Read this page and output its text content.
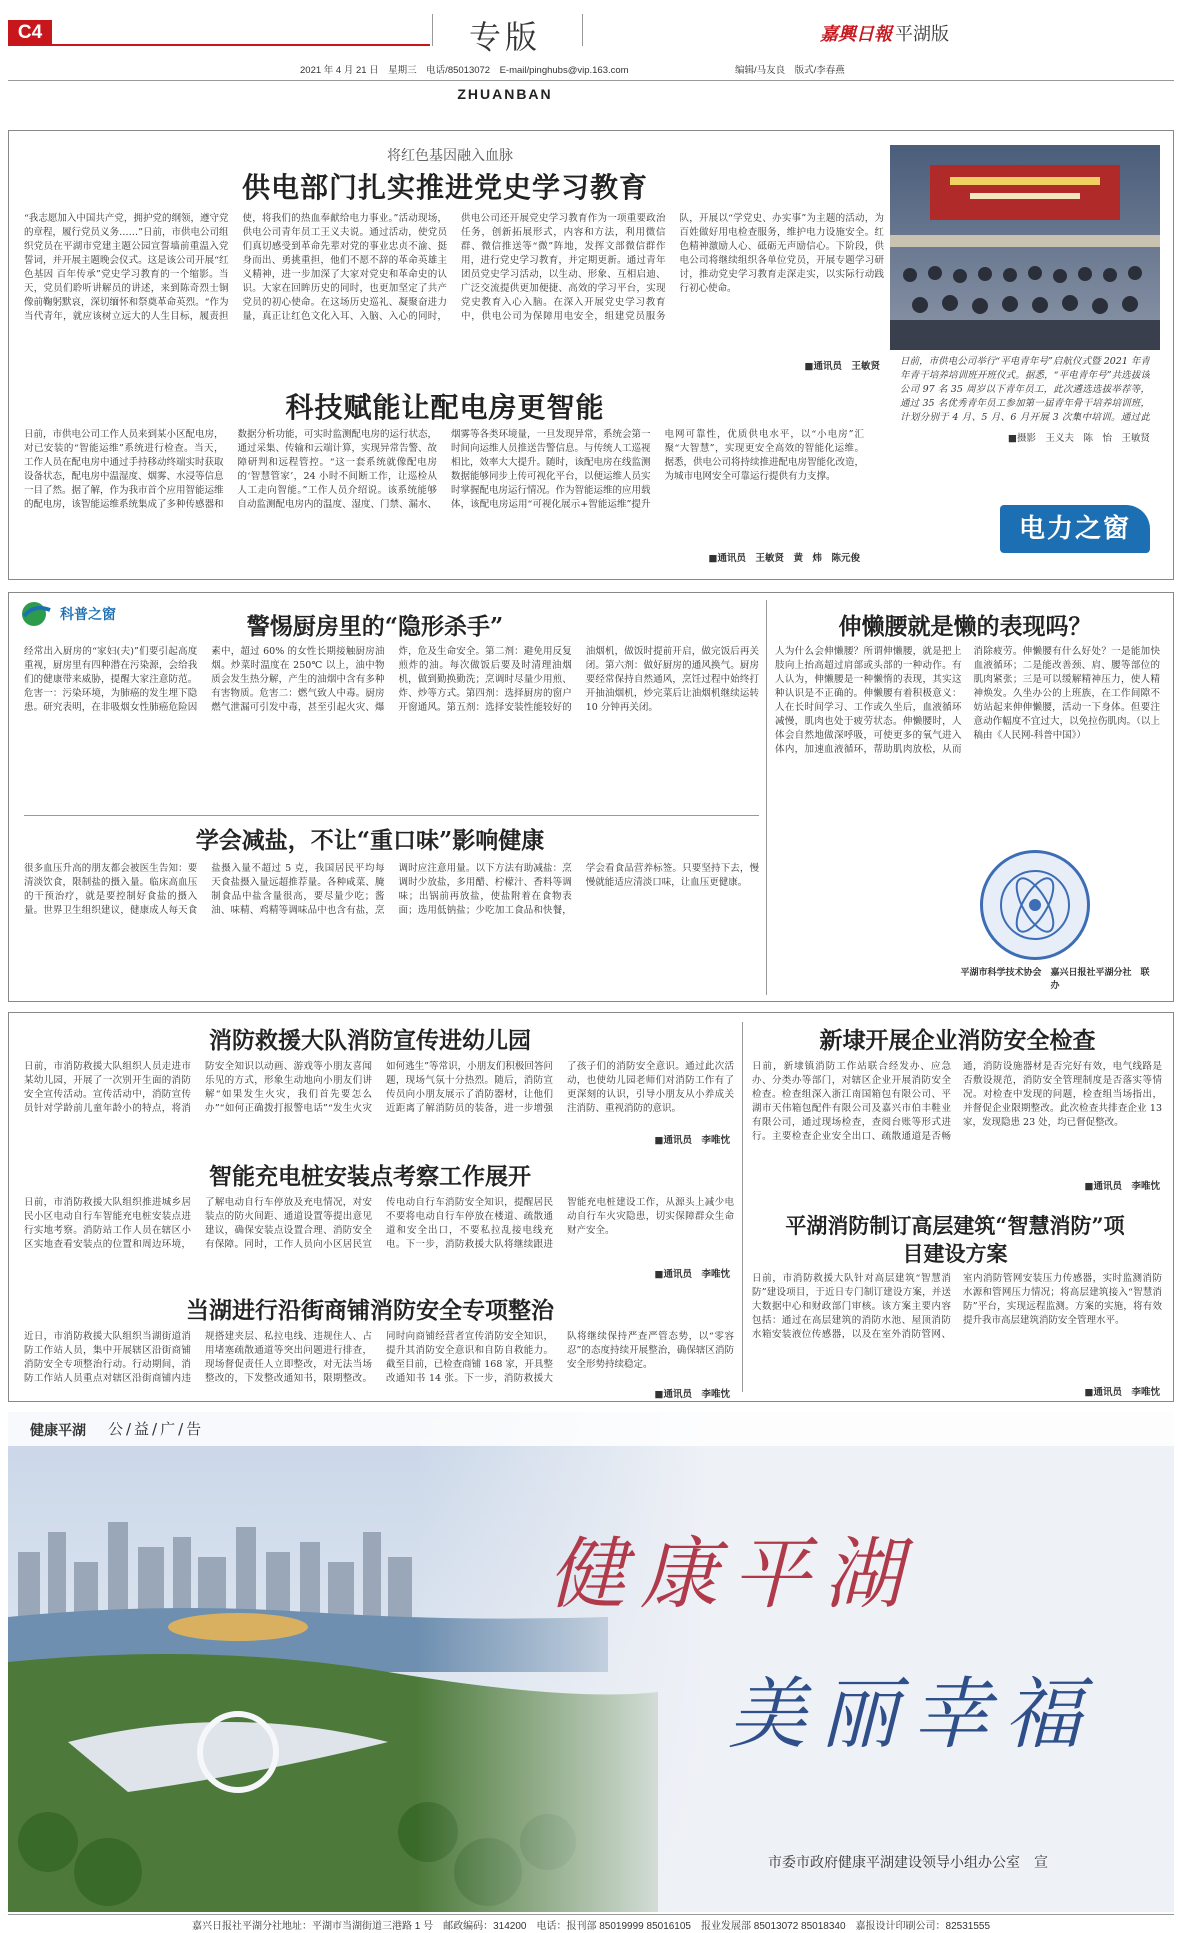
C4	专版	嘉興日報 平湖版
2021 年 4 月 21 日　星期三　电话/85013072　E-mail/pinghubs@vip.163.com	编辑/马友良　版式/李春燕
ZHUANBAN
将红色基因融入血脉
供电部门扎实推进党史学习教育
“我志愿加入中国共产党，拥护党的纲领，遵守党的章程，履行党员义务……”日前，市供电公司组织党员在平湖市党建主题公园宣誓墙前重温入党誓词，并开展主题晚会仪式。这是该公司开展“红色基因 百年传承”党史学习教育的一个缩影。当天，党员们聆听讲解员的讲述，来到陈奇烈士铜像前鞠躬默哀，深切缅怀和祭奠革命英烈。“作为当代青年，就应该树立远大的人生目标，履责担使，将我们的热血奉献给电力事业。”活动现场，供电公司青年员工王义夫说。通过活动，使党员们真切感受到革命先辈对党的事业忠贞不渝、挺身而出、勇挑重担，他们不愿不辞的革命英雄主义精神，进一步加深了大家对党史和革命史的认识。大家在回眸历史的同时，也更加坚定了共产党员的初心使命。在这场历史巡礼、凝聚奋进力量，真正让红色文化入耳、入脑、入心的同时，供电公司还开展党史学习教育作为一项重要政治任务，创新拓展形式，内容和方法，利用微信群、微信推送等“微”阵地，发挥文部微信群作用，进行党史学习教育，并定期更新。通过青年团员党史学习活动，以生动、形象、互相启迪、广泛交流提供更加便捷、高效的学习平台，实现党史教育入心入脑。在深入开展党史学习教育中，供电公司为保障用电安全，组建党员服务队，开展以“学党史、办实事”为主题的活动，为百姓做好用电检查服务，维护电力设施安全。红色精神激励人心、砥砺无声励信心。下阶段，供电公司将继续组织各单位党员，开展专题学习研讨，推动党史学习教育走深走实，以实际行动践行初心使命。
■通讯员　王敏贤 日前，市供电公司举行“平电青年号”启航仪式暨 2021 年青年青干培养培训班开班仪式。据悉，“平电青年号”共选拔该公司 97 名 35 周岁以下青年员工，此次遴选选拔举荐等，通过 35 名优秀青年员工参加第一届青年骨干培养培训班，计划分别于 4 月、5 月、6 月开展 3 次集中培训。通过此
■摄影　王义夫　陈　怡　王敏贤
科技赋能让配电房更智能
日前，市供电公司工作人员来到某小区配电房，对已安装的“智能运维”系统进行检查。当天，工作人员在配电房中通过手持移动终端实时获取设备状态，配电房中温湿度、烟雾、水浸等信息一目了然。据了解，作为我市首个应用智能运维的配电房，该智能运维系统集成了多种传感器和数据分析功能，可实时监测配电房的运行状态，通过采集、传输和云端计算，实现异常告警、故障研判和远程管控。“这一套系统就像配电房的‘智慧管家’，24 小时不间断工作，让巡检从人工走向智能。”工作人员介绍说。该系统能够自动监测配电房内的温度、湿度、门禁、漏水、烟雾等各类环境量，一旦发现异常，系统会第一时间向运维人员推送告警信息。与传统人工巡视相比，效率大大提升。随时，该配电房在线监测数据能够同步上传可视化平台，以便运维人员实时掌握配电房运行情况。作为智能运维的应用载体，该配电房运用“可视化展示+智能运维”提升电网可靠性，优质供电水平，以“小电房”汇聚“大智慧”，实现更安全高效的智能化运维。据悉，供电公司将持续推进配电房智能化改造，为城市电网安全可靠运行提供有力支撑。
■通讯员　王敏贤　黄　炜　陈元俊
电力之窗
科普之窗	警惕厨房里的“隐形杀手”
经常出入厨房的“家妇(夫)”们要引起高度重视，厨房里有四种潜在污染源，会给我们的健康带来威胁，提醒大家注意防范。危害一：污染环境，为肺癌的发生埋下隐患。研究表明，在非吸烟女性肺癌危险因素中，超过 60% 的女性长期接触厨房油烟。炒菜时温度在 250℃ 以上，油中物质会发生热分解，产生的油烟中含有多种有害物质。危害二：燃气致人中毒。厨房燃气泄漏可引发中毒，甚至引起火灾、爆炸，危及生命安全。第二剂：避免用反复煎炸的油。每次做饭后要及时清理油烟机，做到勤换勤洗；烹调时尽量少用煎、炸、炒等方式。第四剂：选择厨房的窗户开窗通风。第五剂：选择安装性能较好的油烟机，做饭时提前开启，做完饭后再关闭。第六剂：做好厨房的通风换气。厨房要经常保持自然通风，烹饪过程中始终打开抽油烟机，炒完菜后让油烟机继续运转 10 分钟再关闭。
学会减盐，不让“重口味”影响健康
很多血压升高的朋友都会被医生告知：要清淡饮食，限制盐的摄入量。临床高血压的干预治疗，就是要控制好食盐的摄入量。世界卫生组织建议，健康成人每天食盐摄入量不超过 5 克，我国居民平均每天食盐摄入量远超推荐量。各种咸菜、腌制食品中盐含量很高，要尽量少吃；酱油、味精、鸡精等调味品中也含有盐，烹调时应注意用量。以下方法有助减盐：烹调时少放盐，多用醋、柠檬汁、香料等调味；出锅前再放盐，使盐附着在食物表面；选用低钠盐；少吃加工食品和快餐，学会看食品营养标签。只要坚持下去，慢慢就能适应清淡口味，让血压更健康。
伸懒腰就是懒的表现吗？
人为什么会伸懒腰？所谓伸懒腰，就是把上肢向上抬高超过肩部或头部的一种动作。有人认为，伸懒腰是一种懒惰的表现，其实这种认识是不正确的。伸懒腰有着积极意义：人在长时间学习、工作或久坐后，血液循环减慢，肌肉也处于疲劳状态。伸懒腰时，人体会自然地做深呼吸，可使更多的氧气进入体内，加速血液循环，帮助肌肉放松，从而消除疲劳。伸懒腰有什么好处？一是能加快血液循环；二是能改善颈、肩、腰等部位的肌肉紧张；三是可以缓解精神压力，使人精神焕发。久坐办公的上班族，在工作间隙不妨站起来伸伸懒腰，活动一下身体。但要注意动作幅度不宜过大，以免拉伤肌肉。（以上稿由《人民网-科普中国》）
平湖市科学技术协会　嘉兴日报社平湖分社　联办
消防救援大队消防宣传进幼儿园
日前，市消防救援大队组织人员走进市某幼儿园，开展了一次别开生面的消防安全宣传活动。宣传活动中，消防宣传员针对学龄前儿童年龄小的特点，将消防安全知识以动画、游戏等小朋友喜闻乐见的方式，形象生动地向小朋友们讲解“如果发生火灾，我们首先要怎么办”“如何正确拨打报警电话”“发生火灾如何逃生”等常识，小朋友们积极回答问题，现场气氛十分热烈。随后，消防宣传员向小朋友展示了消防器材，让他们近距离了解消防员的装备，进一步增强了孩子们的消防安全意识。通过此次活动，也使幼儿园老师们对消防工作有了更深刻的认识，引导小朋友从小养成关注消防、重视消防的意识。
■通讯员　李唯忱
智能充电桩安装点考察工作展开
日前，市消防救援大队组织推进城乡居民小区电动自行车智能充电桩安装点进行实地考察。消防站工作人员在辖区小区实地查看安装点的位置和周边环境，了解电动自行车停放及充电情况，对安装点的防火间距、通道设置等提出意见建议，确保安装点设置合理、消防安全有保障。同时，工作人员向小区居民宣传电动自行车消防安全知识，提醒居民不要将电动自行车停放在楼道、疏散通道和安全出口，不要私拉乱接电线充电。下一步，消防救援大队将继续跟进智能充电桩建设工作，从源头上减少电动自行车火灾隐患，切实保障群众生命财产安全。
■通讯员　李唯忱
当湖进行沿街商铺消防安全专项整治
近日，市消防救援大队组织当湖街道消防工作站人员，集中开展辖区沿街商铺消防安全专项整治行动。行动期间，消防工作站人员重点对辖区沿街商铺内违规搭建夹层、私拉电线、违规住人、占用堵塞疏散通道等突出问题进行排查，现场督促责任人立即整改，对无法当场整改的，下发整改通知书，限期整改。同时向商铺经营者宣传消防安全知识，提升其消防安全意识和自防自救能力。截至目前，已检查商铺 168 家，开具整改通知书 14 张。下一步，消防救援大队将继续保持严查严管态势，以“零容忍”的态度持续开展整治，确保辖区消防安全形势持续稳定。
■通讯员　李唯忱
新埭开展企业消防安全检查
日前，新埭镇消防工作站联合经发办、应急办、分类办等部门，对辖区企业开展消防安全检查。检查组深入浙江南国箱包有限公司、平湖市天伟箱包配件有限公司及嘉兴市伯丰鞋业有限公司，通过现场检查，查阅台账等形式进行。主要检查企业安全出口、疏散通道是否畅通，消防设施器材是否完好有效，电气线路是否敷设规范，消防安全管理制度是否落实等情况。对检查中发现的问题，检查组当场指出，并督促企业限期整改。此次检查共排查企业 13 家，发现隐患 23 处，均已督促整改。
■通讯员　李唯忱
平湖消防制订高层建筑“智慧消防”项目建设方案
日前，市消防救援大队针对高层建筑“智慧消防”建设项目，于近日专门制订建设方案，并送大数据中心和财政部门审核。该方案主要内容包括：通过在高层建筑的消防水池、屋顶消防水箱安装液位传感器，以及在室外消防管网、室内消防管网安装压力传感器，实时监测消防水源和管网压力情况；将高层建筑接入“智慧消防”平台，实现远程监测。方案的实施，将有效提升我市高层建筑消防安全管理水平。
■通讯员　李唯忱
健康平湖 公/益/广/告
健康平湖
美丽幸福
市委市政府健康平湖建设领导小组办公室　宣
嘉兴日报社平湖分社地址：平湖市当湖街道三港路 1 号　邮政编码：314200　电话：报刊部 85019999 85016105　报业发展部 85013072 85018340　嘉报设计印刷公司：82531555
